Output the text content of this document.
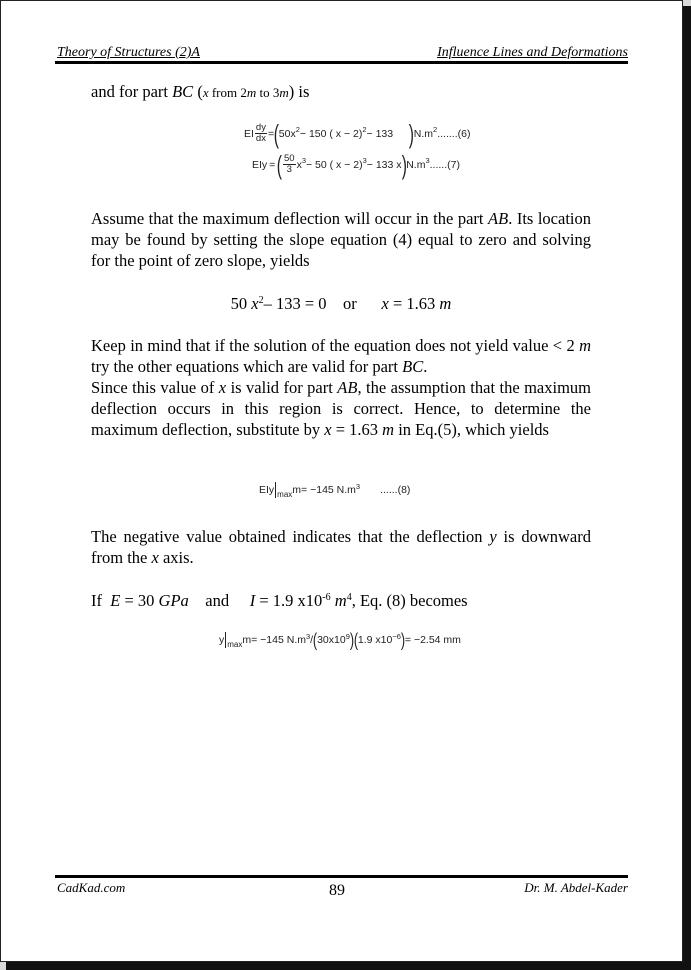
Theory of Structures (2)A	Influence Lines and Deformations

and for part BC (x from 2m to 3m) is

EI $\frac{dy}{dx}$ = ( 50x 2 − 150 ( x − 2) 2 − 133 ) N.m 2 .......(6)
EIy = ( $\frac{50}{3}$ x 3 − 50 ( x − 2) 3 − 133 x ) N.m 3 ......(7)

Assume that the maximum deflection will occur in the part AB. Its location may be found by setting the slope equation (4) equal to zero and solving for the point of zero slope, yields

50 $x^2-$ 133 = 0    or      x = 1.63 m

Keep in mind that if the solution of the equation does not yield value < 2 m try the other equations which are valid for part BC.

Since this value of x is valid for part AB, the assumption that the maximum deflection occurs in this region is correct. Hence, to determine the maximum deflection, substitute by x = 1.63 m in Eq.(5), which yields

EIy max m = −145 N.m 3 ......(8)

The negative value obtained indicates that the deflection y is downward from the x axis.

If  E = 30 GPa    and     I = 1.9 $x10^{-6}$ $m^4$, Eq. (8) becomes

y max m = −145 N.m 3 / ( 30x10 9 ) ( 1.9 x10 −6 ) = −2.54 mm
CadKad.com	89	Dr. M. Abdel-Kader
